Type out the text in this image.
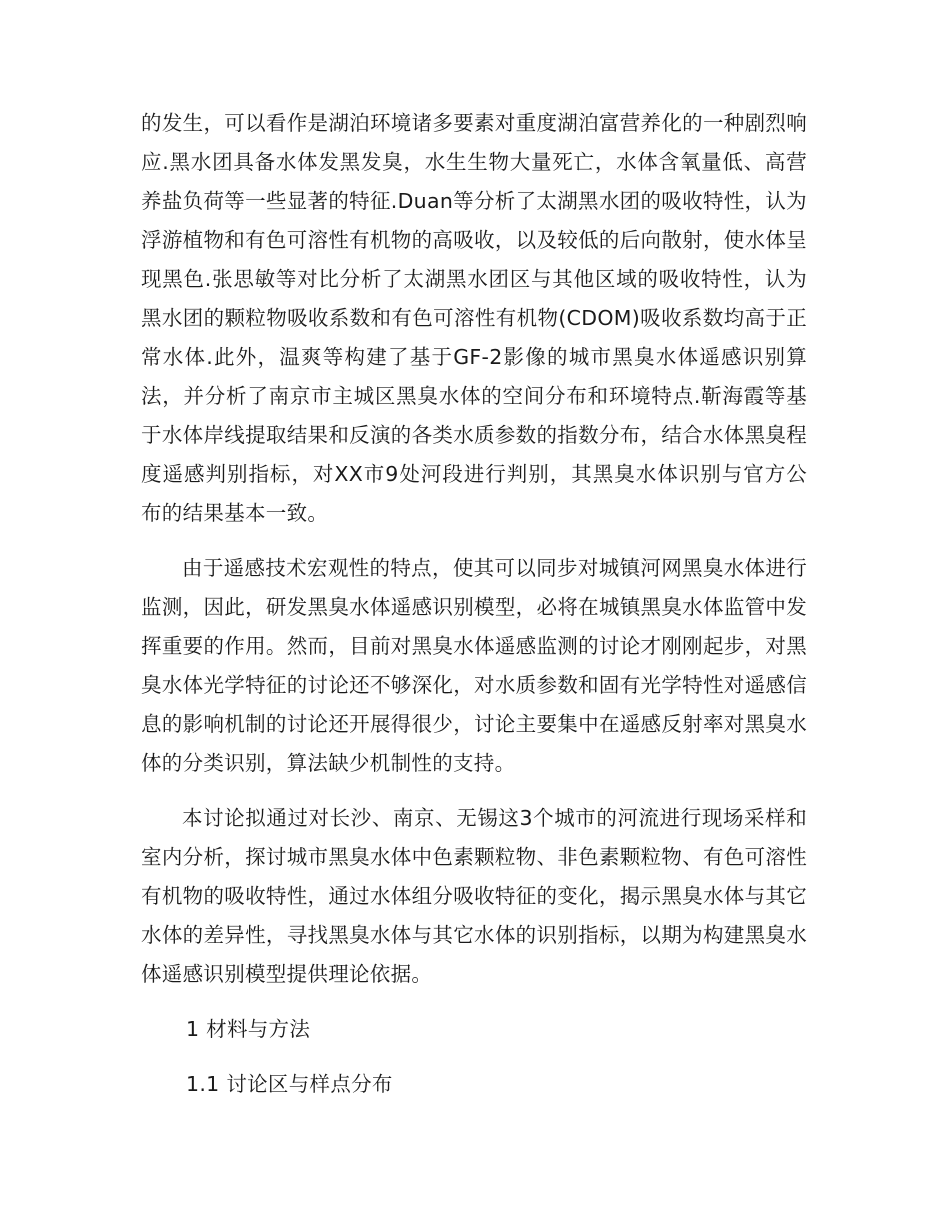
的发生，可以看作是湖泊环境诸多要素对重度湖泊富营养化的一种剧烈响应.黑水团具备水体发黑发臭，水生生物大量死亡，水体含氧量低、高营养盐负荷等一些显著的特征.Duan等分析了太湖黑水团的吸收特性，认为浮游植物和有色可溶性有机物的高吸收，以及较低的后向散射，使水体呈现黑色.张思敏等对比分析了太湖黑水团区与其他区域的吸收特性，认为黑水团的颗粒物吸收系数和有色可溶性有机物(CDOM)吸收系数均高于正常水体.此外，温爽等构建了基于GF-2影像的城市黑臭水体遥感识别算法，并分析了南京市主城区黑臭水体的空间分布和环境特点.靳海霞等基于水体岸线提取结果和反演的各类水质参数的指数分布，结合水体黑臭程度遥感判别指标，对XX市9处河段进行判别，其黑臭水体识别与官方公布的结果基本一致。

由于遥感技术宏观性的特点，使其可以同步对城镇河网黑臭水体进行监测，因此，研发黑臭水体遥感识别模型，必将在城镇黑臭水体监管中发挥重要的作用。然而，目前对黑臭水体遥感监测的讨论才刚刚起步，对黑臭水体光学特征的讨论还不够深化，对水质参数和固有光学特性对遥感信息的影响机制的讨论还开展得很少，讨论主要集中在遥感反射率对黑臭水体的分类识别，算法缺少机制性的支持。

本讨论拟通过对长沙、南京、无锡这3个城市的河流进行现场采样和室内分析，探讨城市黑臭水体中色素颗粒物、非色素颗粒物、有色可溶性有机物的吸收特性，通过水体组分吸收特征的变化，揭示黑臭水体与其它水体的差异性，寻找黑臭水体与其它水体的识别指标，以期为构建黑臭水体遥感识别模型提供理论依据。

1 材料与方法

1.1 讨论区与样点分布
